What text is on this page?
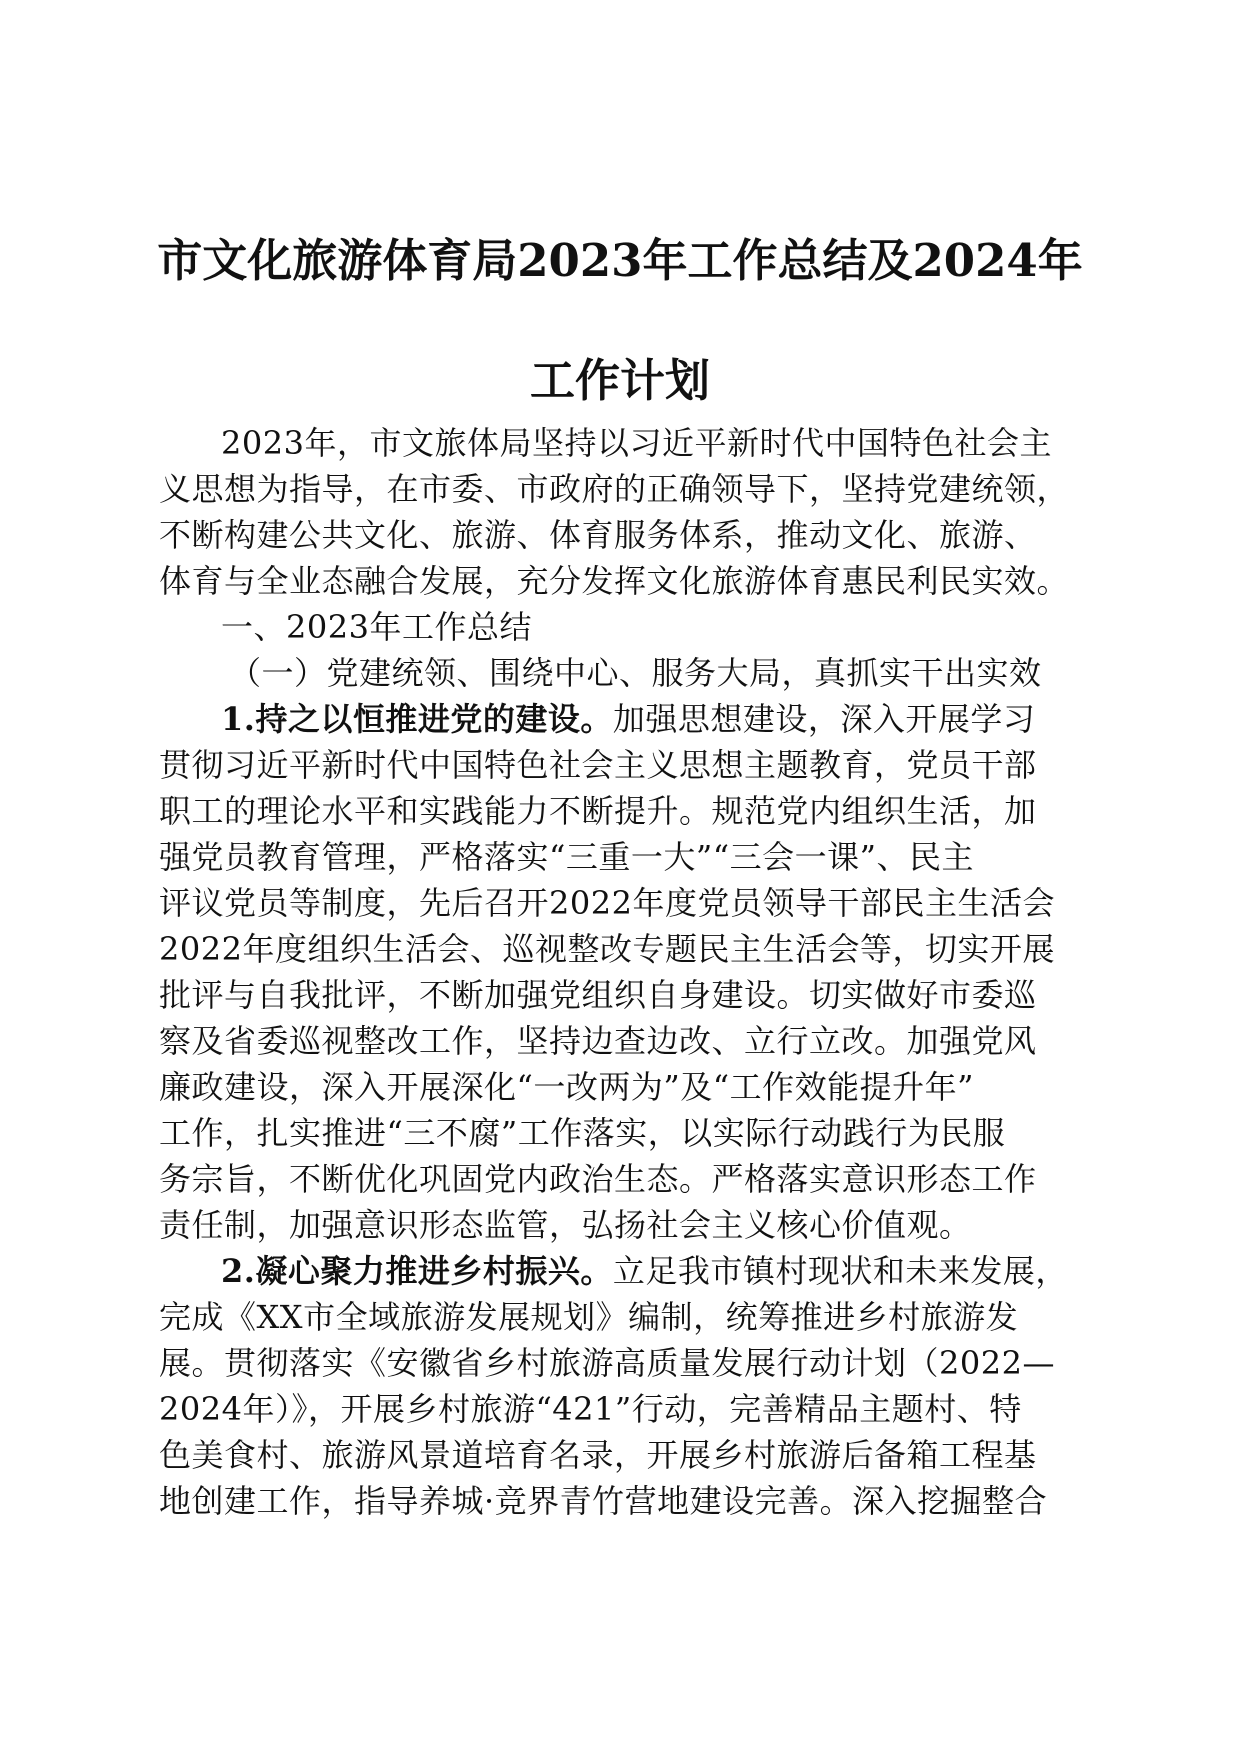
市文化旅游体育局2023年工作总结及2024年
工作计划
2023年，市文旅体局坚持以习近平新时代中国特色社会主
义思想为指导，在市委、市政府的正确领导下，坚持党建统领，
不断构建公共文化、旅游、体育服务体系，推动文化、旅游、
体育与全业态融合发展，充分发挥文化旅游体育惠民利民实效。
一、2023年工作总结
（一）党建统领、围绕中心、服务大局，真抓实干出实效
1.持之以恒推进党的建设。加强思想建设，深入开展学习
贯彻习近平新时代中国特色社会主义思想主题教育，党员干部
职工的理论水平和实践能力不断提升。规范党内组织生活，加
强党员教育管理，严格落实“三重一大”“三会一课”、民主
评议党员等制度，先后召开2022年度党员领导干部民主生活会
2022年度组织生活会、巡视整改专题民主生活会等，切实开展
批评与自我批评，不断加强党组织自身建设。切实做好市委巡
察及省委巡视整改工作，坚持边查边改、立行立改。加强党风
廉政建设，深入开展深化“一改两为”及“工作效能提升年”
工作，扎实推进“三不腐”工作落实，以实际行动践行为民服
务宗旨，不断优化巩固党内政治生态。严格落实意识形态工作
责任制，加强意识形态监管，弘扬社会主义核心价值观。
2.凝心聚力推进乡村振兴。立足我市镇村现状和未来发展，
完成《XX市全域旅游发展规划》编制，统筹推进乡村旅游发
展。贯彻落实《安徽省乡村旅游高质量发展行动计划（2022—
2024年）》，开展乡村旅游“421”行动，完善精品主题村、特
色美食村、旅游风景道培育名录，开展乡村旅游后备箱工程基
地创建工作，指导养城·竞界青竹营地建设完善。深入挖掘整合
